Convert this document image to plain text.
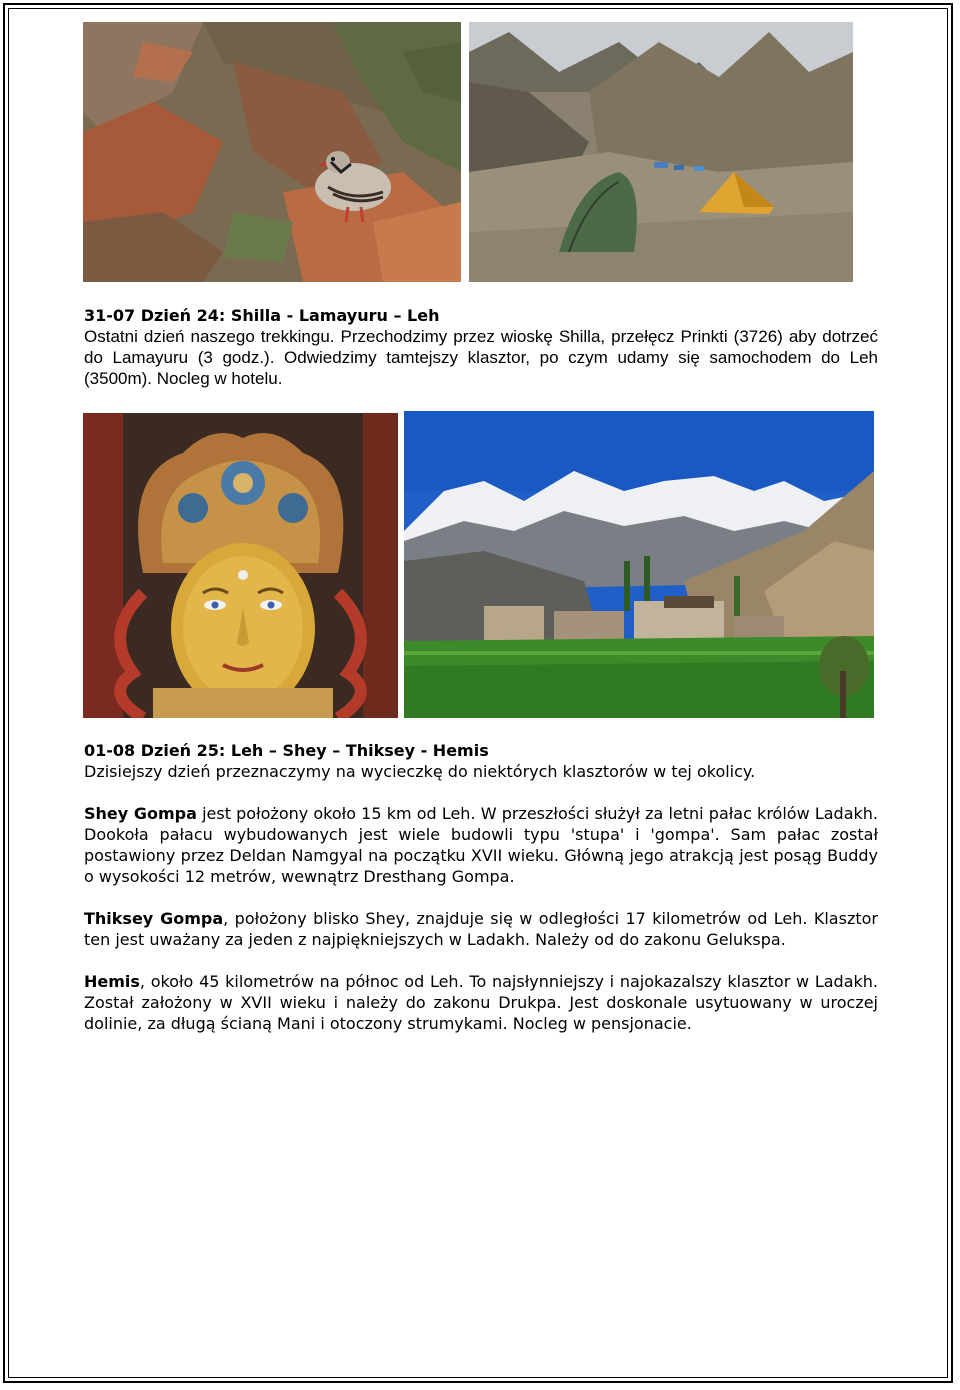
31-07 Dzień 24: Shilla - Lamayuru – Leh

Ostatni dzień naszego trekkingu. Przechodzimy przez wioskę Shilla, przełęcz Prinkti (3726) aby dotrzeć do Lamayuru (3 godz.). Odwiedzimy tamtejszy klasztor, po czym udamy się samochodem do Leh (3500m). Nocleg w hotelu.

01-08 Dzień 25: Leh – Shey – Thiksey - Hemis

Dzisiejszy dzień przeznaczymy na wycieczkę do niektórych klasztorów w tej okolicy.

Shey Gompa jest położony około 15 km od Leh. W przeszłości służył za letni pałac królów Ladakh. Dookoła pałacu wybudowanych jest wiele budowli typu 'stupa' i 'gompa'. Sam pałac został postawiony przez Deldan Namgyal na początku XVII wieku. Główną jego atrakcją jest posąg Buddy o wysokości 12 metrów, wewnątrz Dresthang Gompa.

Thiksey Gompa, położony blisko Shey, znajduje się w odległości 17 kilometrów od Leh. Klasztor ten jest uważany za jeden z najpiękniejszych w Ladakh. Należy od do zakonu Gelukspa.

Hemis, około 45 kilometrów na północ od Leh. To najsłynniejszy i najokazalszy klasztor w Ladakh. Został założony w XVII wieku i należy do zakonu Drukpa. Jest doskonale usytuowany w uroczej dolinie, za długą ścianą Mani i otoczony strumykami. Nocleg w pensjonacie.
